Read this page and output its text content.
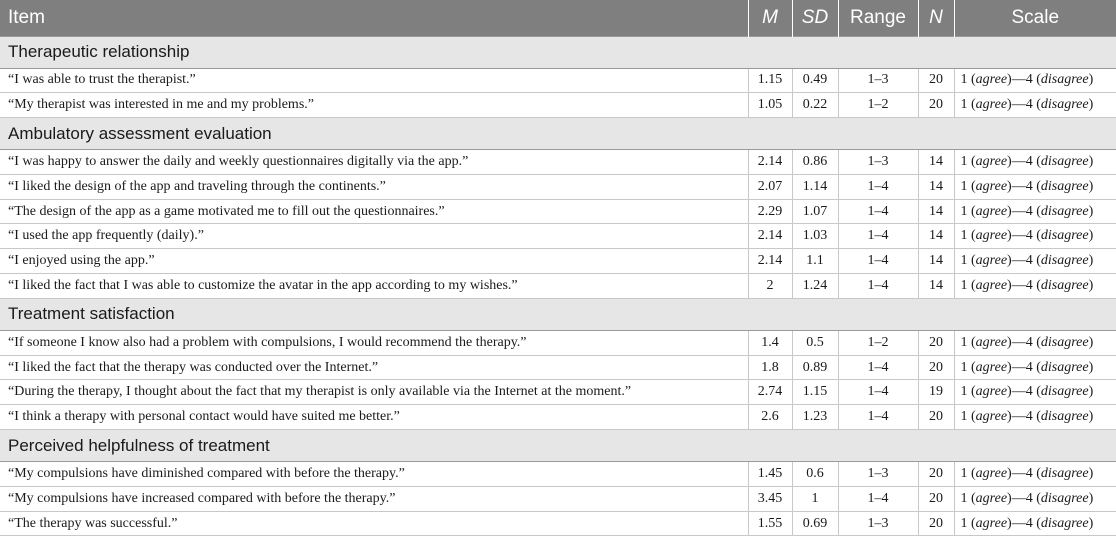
Item	M	SD	Range	N	Scale
Therapeutic relationship					
“I was able to trust the therapist.”	1.15	0.49	1–3	20	1 (agree)—4 (disagree)
“My therapist was interested in me and my problems.”	1.05	0.22	1–2	20	1 (agree)—4 (disagree)
Ambulatory assessment evaluation					
“I was happy to answer the daily and weekly questionnaires digitally via the app.”	2.14	0.86	1–3	14	1 (agree)—4 (disagree)
“I liked the design of the app and traveling through the continents.”	2.07	1.14	1–4	14	1 (agree)—4 (disagree)
“The design of the app as a game motivated me to fill out the questionnaires.”	2.29	1.07	1–4	14	1 (agree)—4 (disagree)
“I used the app frequently (daily).”	2.14	1.03	1–4	14	1 (agree)—4 (disagree)
“I enjoyed using the app.”	2.14	1.1	1–4	14	1 (agree)—4 (disagree)
“I liked the fact that I was able to customize the avatar in the app according to my wishes.”	2	1.24	1–4	14	1 (agree)—4 (disagree)
Treatment satisfaction					
“If someone I know also had a problem with compulsions, I would recommend the therapy.”	1.4	0.5	1–2	20	1 (agree)—4 (disagree)
“I liked the fact that the therapy was conducted over the Internet.”	1.8	0.89	1–4	20	1 (agree)—4 (disagree)
“During the therapy, I thought about the fact that my therapist is only available via the Internet at the moment.”	2.74	1.15	1–4	19	1 (agree)—4 (disagree)
“I think a therapy with personal contact would have suited me better.”	2.6	1.23	1–4	20	1 (agree)—4 (disagree)
Perceived helpfulness of treatment					
“My compulsions have diminished compared with before the therapy.”	1.45	0.6	1–3	20	1 (agree)—4 (disagree)
“My compulsions have increased compared with before the therapy.”	3.45	1	1–4	20	1 (agree)—4 (disagree)
“The therapy was successful.”	1.55	0.69	1–3	20	1 (agree)—4 (disagree)
